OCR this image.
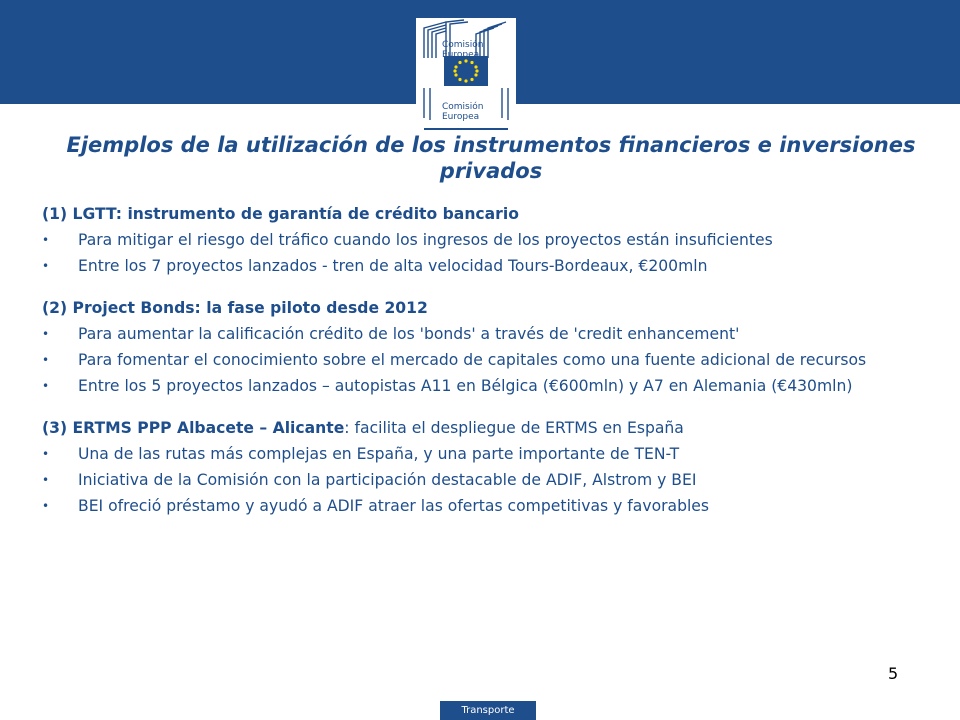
Comisión
Europea
Comisión
Europea
Ejemplos de la utilización de los instrumentos financieros e inversiones privados

(1) LGTT: instrumento de garantía de crédito bancario

• Para mitigar el riesgo del tráfico cuando los ingresos de los proyectos están insuficientes
• Entre los 7 proyectos lanzados - tren de alta velocidad Tours-Bordeaux, €200mln

(2) Project Bonds: la fase piloto desde 2012

• Para aumentar la calificación crédito de los 'bonds' a través de 'credit enhancement'
• Para fomentar el conocimiento sobre el mercado de capitales como una fuente adicional de recursos
• Entre los 5 proyectos lanzados – autopistas A11 en Bélgica (€600mln) y A7 en Alemania (€430mln)

(3) ERTMS PPP Albacete – Alicante: facilita el despliegue de ERTMS en España

• Una de las rutas más complejas en España, y una parte importante de TEN-T
• Iniciativa de la Comisión con la participación destacable de ADIF, Alstrom y BEI
• BEI ofreció préstamo y ayudó a ADIF atraer las ofertas competitivas y favorables
5
Transporte
